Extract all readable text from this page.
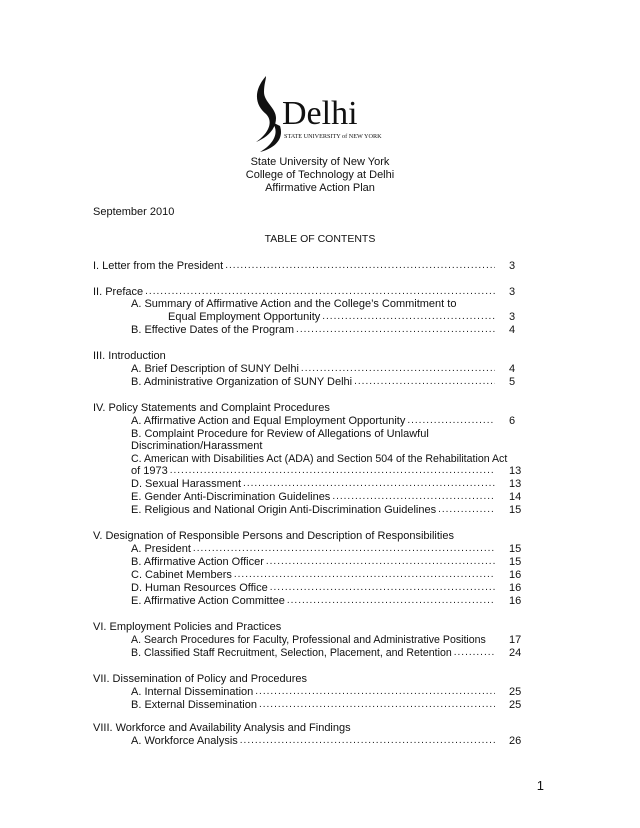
Delhi
STATE UNIVERSITY of NEW YORK
State University of New York
College of Technology at Delhi
Affirmative Action Plan
September 2010
TABLE OF CONTENTS
I. Letter from the President .....	3
II. Preface .....	3
A. Summary of Affirmative Action and the College’s Commitment to
Equal Employment Opportunity .....	3
B. Effective Dates of the Program .....	4
III. Introduction
A. Brief Description of SUNY Delhi .....	4
B. Administrative Organization of SUNY Delhi .....	5
IV. Policy Statements and Complaint Procedures
A. Affirmative Action and Equal Employment Opportunity .....	6
B. Complaint Procedure for Review of Allegations of Unlawful
Discrimination/Harassment
C. American with Disabilities Act (ADA) and Section 504 of the Rehabilitation Act
of 1973 .....	13
D. Sexual Harassment .....	13
E. Gender Anti-Discrimination Guidelines .....	14
E. Religious and National Origin Anti-Discrimination Guidelines .....	15
V. Designation of Responsible Persons and Description of Responsibilities
A. President .....	15
B. Affirmative Action Officer .....	15
C. Cabinet Members .....	16
D. Human Resources Office .....	16
E. Affirmative Action Committee .....	16
VI. Employment Policies and Practices
A. Search Procedures for Faculty, Professional and Administrative Positions 17
B. Classified Staff Recruitment, Selection, Placement, and Retention .....	24
VII. Dissemination of Policy and Procedures
A. Internal Dissemination .....	25
B. External Dissemination .....	25
VIII. Workforce and Availability Analysis and Findings
A. Workforce Analysis .....	26
1
